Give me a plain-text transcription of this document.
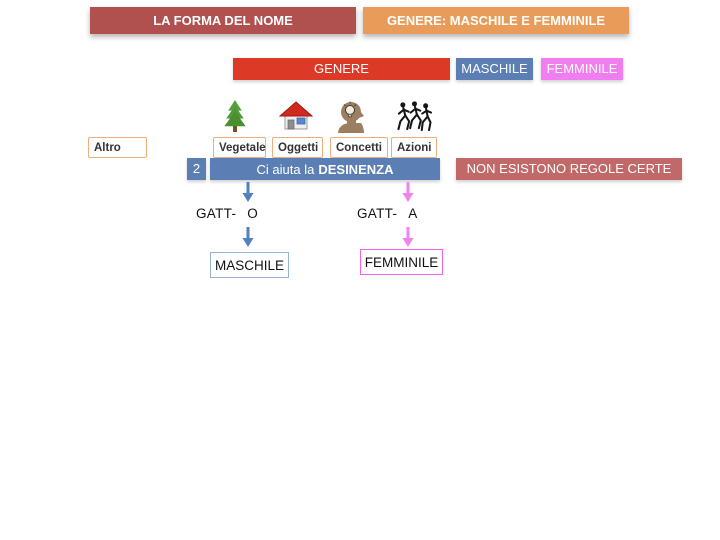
LA FORMA DEL NOME	GENERE: MASCHILE E FEMMINILE
GENERE	MASCHILE	FEMMINILE
Altro	Vegetale	Oggetti	Concetti	Azioni
2	Ci aiuta la DESINENZA	NON ESISTONO REGOLE CERTE
GATT- O	GATT- A
MASCHILE	FEMMINILE
